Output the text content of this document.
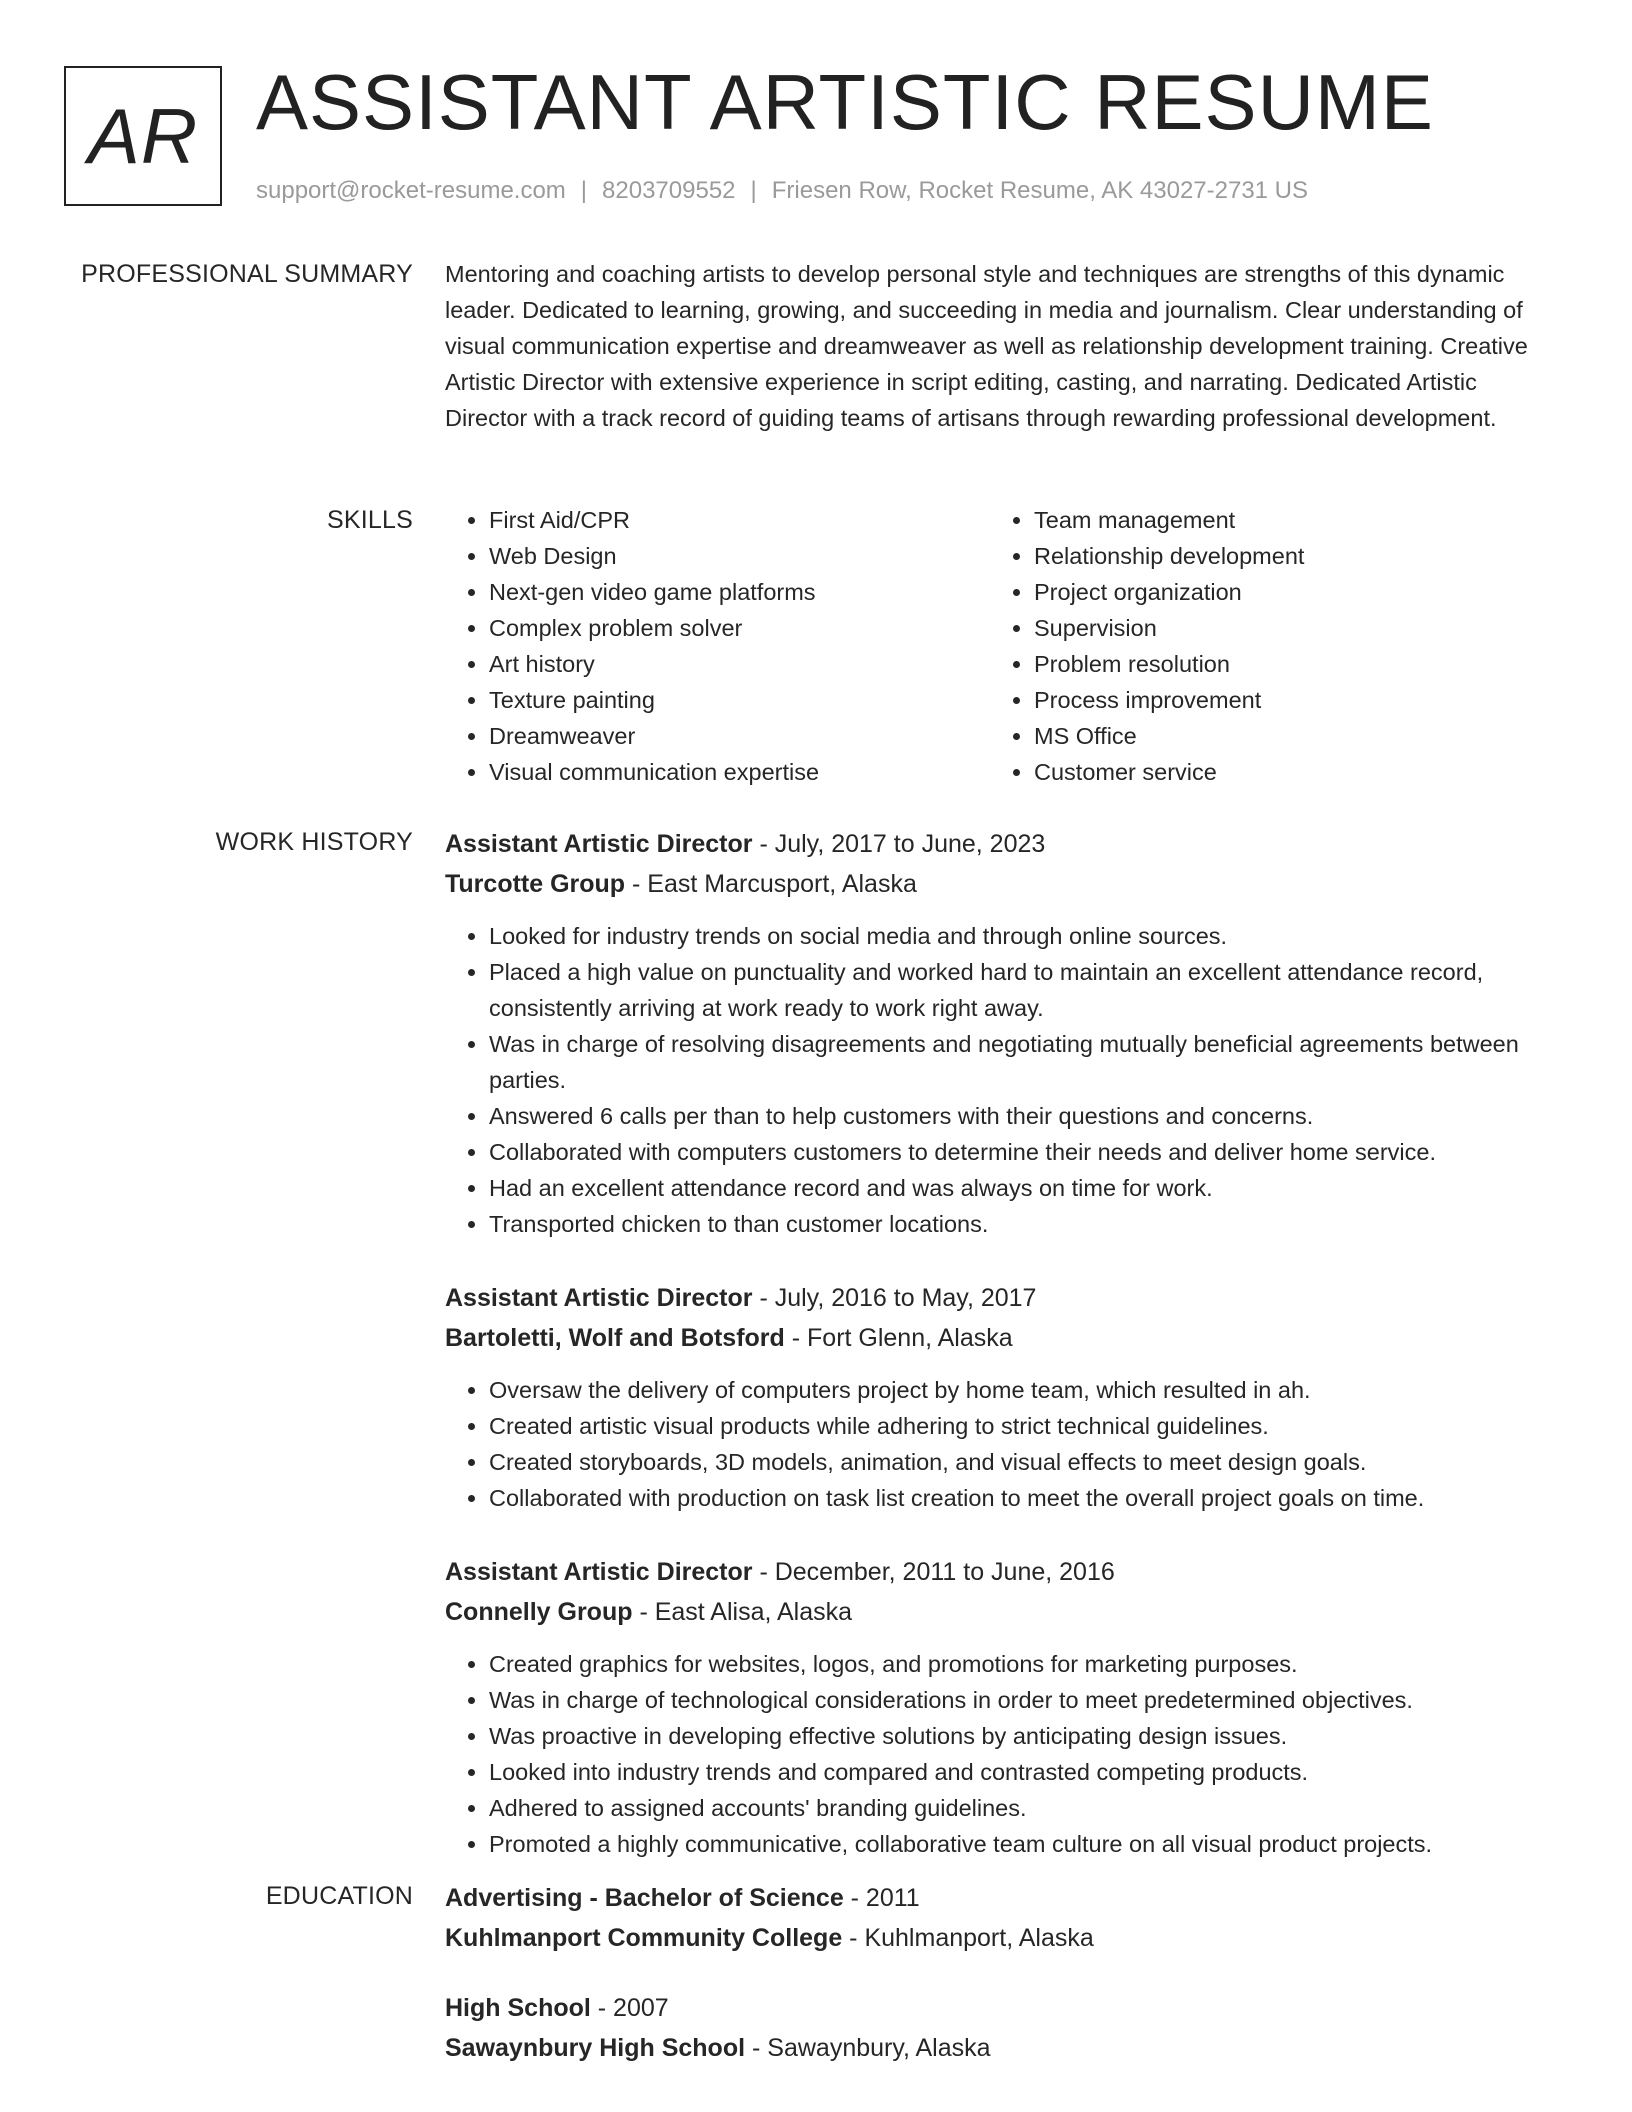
AR ASSISTANT ARTISTIC RESUME
support@rocket-resume.com | 8203709552 | Friesen Row, Rocket Resume, AK 43027-2731 US
PROFESSIONAL SUMMARY Mentoring and coaching artists to develop personal style and techniques are strengths of this dynamic leader. Dedicated to learning, growing, and succeeding in media and journalism. Clear understanding of visual communication expertise and dreamweaver as well as relationship development training. Creative Artistic Director with extensive experience in script editing, casting, and narrating. Dedicated Artistic Director with a track record of guiding teams of artisans through rewarding professional development.

SKILLS
•	First Aid/CPR
• Web Design
• Next-gen video game platforms
• Complex problem solver
• Art history
• Texture painting
• Dreamweaver
• Visual communication expertise
• Team management
• Relationship development
• Project organization
• Supervision
• Problem resolution
• Process improvement
• MS Office
• Customer service
WORK HISTORY Assistant Artistic Director - July, 2017 to June, 2023
Turcotte Group - East Marcusport, Alaska
• Looked for industry trends on social media and through online sources.
• Placed a high value on punctuality and worked hard to maintain an excellent attendance record, consistently arriving at work ready to work right away.
• Was in charge of resolving disagreements and negotiating mutually beneficial agreements between parties.
• Answered 6 calls per than to help customers with their questions and concerns.
• Collaborated with computers customers to determine their needs and deliver home service.
• Had an excellent attendance record and was always on time for work.
• Transported chicken to than customer locations.
Assistant Artistic Director - July, 2016 to May, 2017
Bartoletti, Wolf and Botsford - Fort Glenn, Alaska
• Oversaw the delivery of computers project by home team, which resulted in ah.
• Created artistic visual products while adhering to strict technical guidelines.
• Created storyboards, 3D models, animation, and visual effects to meet design goals.
• Collaborated with production on task list creation to meet the overall project goals on time.
Assistant Artistic Director - December, 2011 to June, 2016
Connelly Group - East Alisa, Alaska
• Created graphics for websites, logos, and promotions for marketing purposes.
• Was in charge of technological considerations in order to meet predetermined objectives.
• Was proactive in developing effective solutions by anticipating design issues.
• Looked into industry trends and compared and contrasted competing products.
• Adhered to assigned accounts' branding guidelines.
• Promoted a highly communicative, collaborative team culture on all visual product projects.
EDUCATION Advertising - Bachelor of Science - 2011
Kuhlmanport Community College - Kuhlmanport, Alaska
High School - 2007
Sawaynbury High School - Sawaynbury, Alaska
